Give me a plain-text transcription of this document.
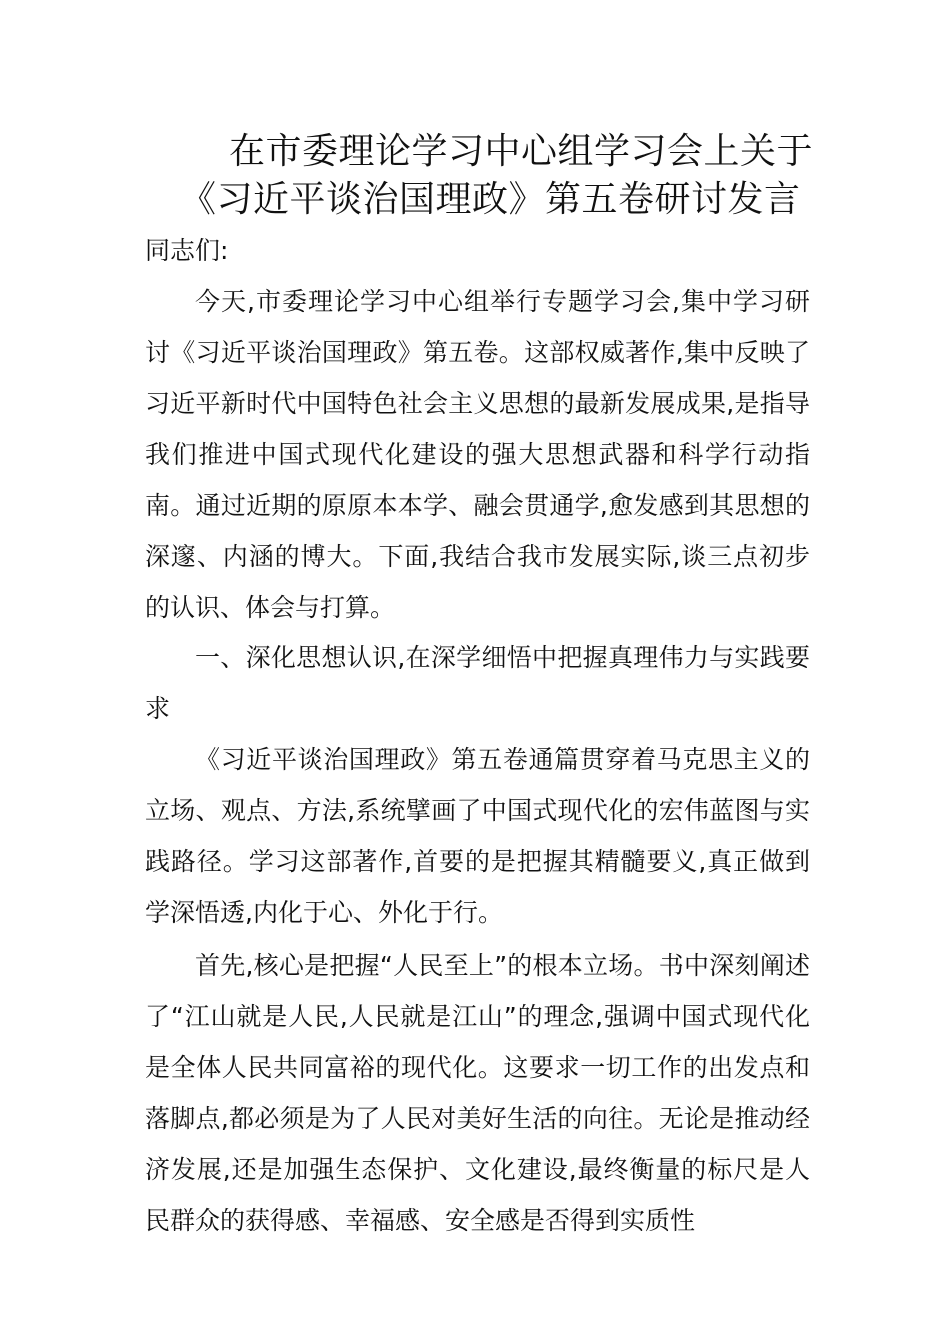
在市委理论学习中心组学习会上关于
《习近平谈治国理政》第五卷研讨发言

同志们:

今天,市委理论学习中心组举行专题学习会,集中学习研讨《习近平谈治国理政》第五卷。这部权威著作,集中反映了习近平新时代中国特色社会主义思想的最新发展成果,是指导我们推进中国式现代化建设的强大思想武器和科学行动指南。通过近期的原原本本学、融会贯通学,愈发感到其思想的深邃、内涵的博大。下面,我结合我市发展实际,谈三点初步的认识、体会与打算。

一、深化思想认识,在深学细悟中把握真理伟力与实践要求

《习近平谈治国理政》第五卷通篇贯穿着马克思主义的立场、观点、方法,系统擘画了中国式现代化的宏伟蓝图与实践路径。学习这部著作,首要的是把握其精髓要义,真正做到学深悟透,内化于心、外化于行。

首先,核心是把握“人民至上”的根本立场。书中深刻阐述了“江山就是人民,人民就是江山”的理念,强调中国式现代化是全体人民共同富裕的现代化。这要求一切工作的出发点和落脚点,都必须是为了人民对美好生活的向往。无论是推动经济发展,还是加强生态保护、文化建设,最终衡量的标尺是人民群众的获得感、幸福感、安全感是否得到实质性
